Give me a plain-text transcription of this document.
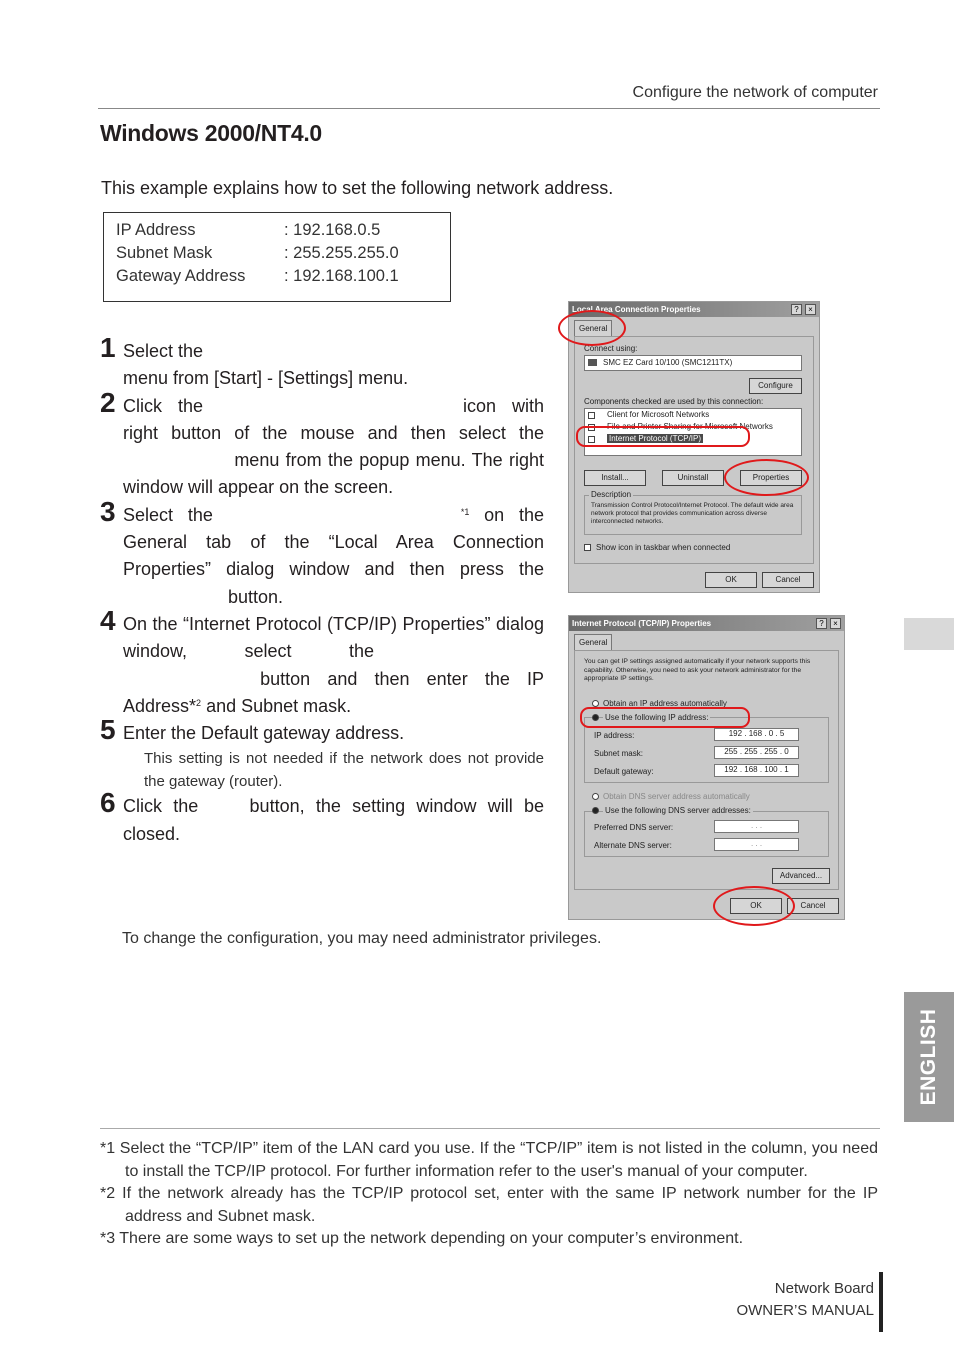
Configure the network of computer
Windows 2000/NT4.0
This example explains how to set the following network address.
IP Address	: 192.168.0.5
Subnet Mask	: 255.255.255.0
Gateway Address : 192.168.100.1
1 Select the
menu from [Start] - [Settings] menu.
2 Click the	icon with right button of the mouse and then select the  menu from the popup menu. The right window will appear on the screen.
3 Select the	$^{*1}$ on the General tab of the “Local Area Connection Properties” dialog window and then press the  button.
4 On the “Internet Protocol (TCP/IP) Properties” dialog window, select the  button and then enter the IP Address*$^2$ and Subnet mask.
5 Enter the Default gateway address.
This setting is not needed if the network does not provide the gateway (router).
6 Click the	button, the setting window will be closed.
Local Area Connection Properties	?	×
General
Connect using:
SMC EZ Card 10/100 (SMC1211TX)
Configure
Components checked are used by this connection:
Client for Microsoft Networks
File and Printer Sharing for Microsoft Networks
Internet Protocol (TCP/IP)
Install...	Uninstall	Properties
Description
Transmission Control Protocol/Internet Protocol. The default wide area network protocol that provides communication across diverse interconnected networks.
Show icon in taskbar when connected
OK	Cancel
Internet Protocol (TCP/IP) Properties	?	×
General
You can get IP settings assigned automatically if your network supports this capability. Otherwise, you need to ask your network administrator for the appropriate IP settings.
Obtain an IP address automatically
Use the following IP address:
IP address:	192 . 168 . 0 . 5
Subnet mask:	255 . 255 . 255 . 0
Default gateway:	192 . 168 . 100 . 1
Obtain DNS server address automatically
Use the following DNS server addresses:
Preferred DNS server:	. . .
Alternate DNS server:	. . .
Advanced...
OK	Cancel
To change the configuration, you may need administrator privileges.
*1 Select the “TCP/IP” item of the LAN card you use. If the “TCP/IP” item is not listed in the column, you need to install the TCP/IP protocol. For further information refer to the user's manual of your computer.
*2 If the network already has the TCP/IP protocol set, enter with the same IP network number for the IP address and Subnet mask.
*3 There are some ways to set up the network depending on your computer’s environment.
Network Board
OWNER’S MANUAL
ENGLISH
